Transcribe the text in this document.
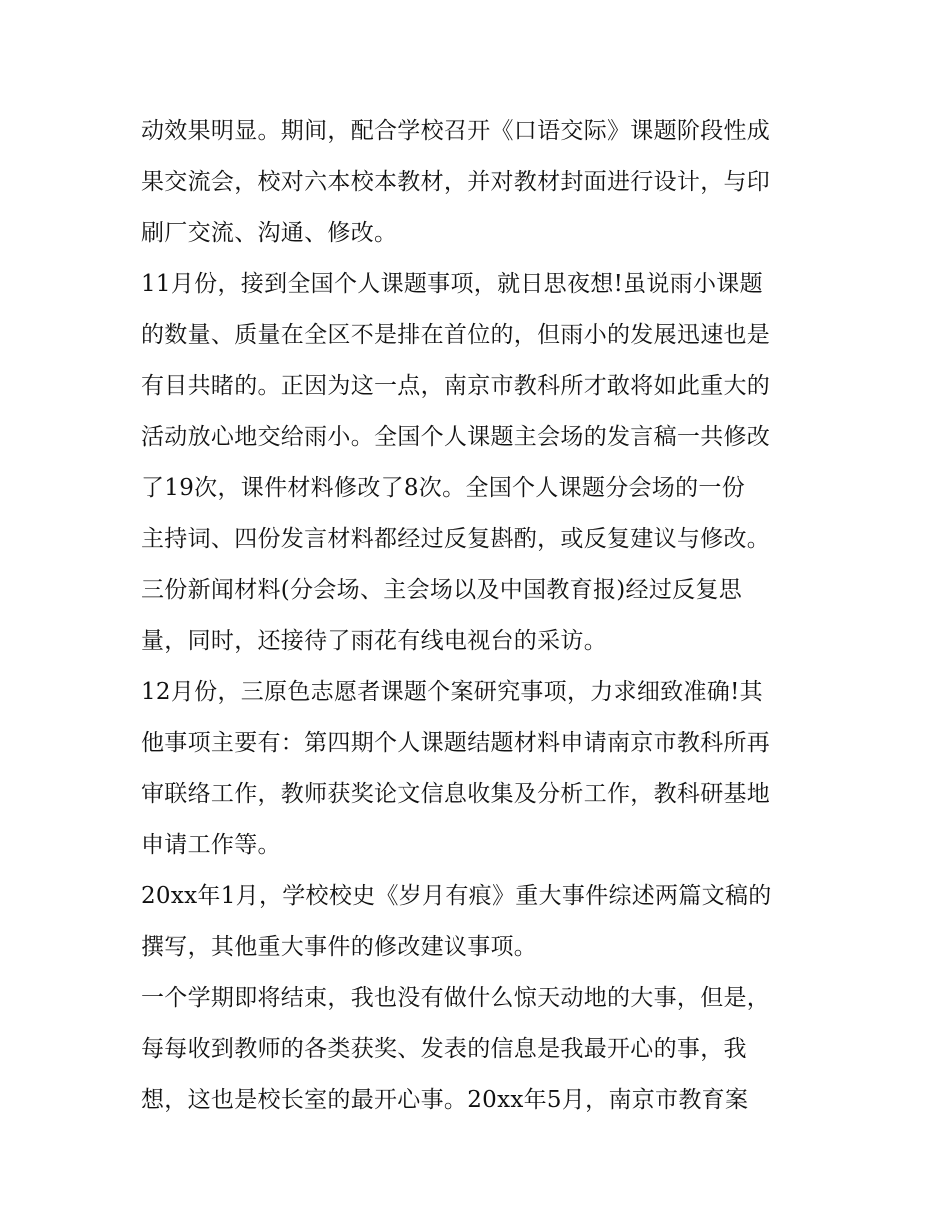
动效果明显。期间，配合学校召开《口语交际》课题阶段性成
果交流会，校对六本校本教材，并对教材封面进行设计，与印
刷厂交流、沟通、修改。
11月份，接到全国个人课题事项，就日思夜想!虽说雨小课题
的数量、质量在全区不是排在首位的，但雨小的发展迅速也是
有目共睹的。正因为这一点，南京市教科所才敢将如此重大的
活动放心地交给雨小。全国个人课题主会场的发言稿一共修改
了19次，课件材料修改了8次。全国个人课题分会场的一份
主持词、四份发言材料都经过反复斟酌，或反复建议与修改。
三份新闻材料(分会场、主会场以及中国教育报)经过反复思
量，同时，还接待了雨花有线电视台的采访。
12月份，三原色志愿者课题个案研究事项，力求细致准确!其
他事项主要有：第四期个人课题结题材料申请南京市教科所再
审联络工作，教师获奖论文信息收集及分析工作，教科研基地
申请工作等。
20xx年1月，学校校史《岁月有痕》重大事件综述两篇文稿的
撰写，其他重大事件的修改建议事项。
一个学期即将结束，我也没有做什么惊天动地的大事，但是，
每每收到教师的各类获奖、发表的信息是我最开心的事，我
想，这也是校长室的最开心事。20xx年5月，南京市教育案
